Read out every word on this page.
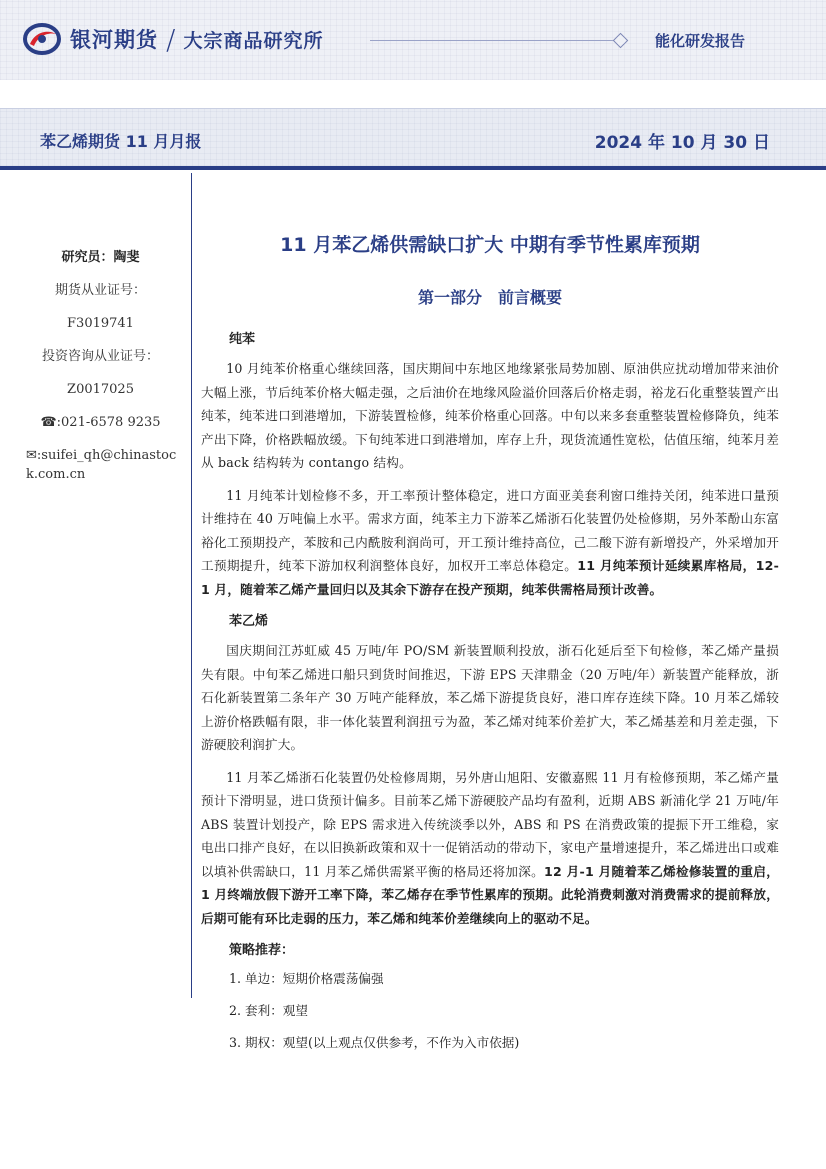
银河期货 / 大宗商品研究所	能化研发报告
苯乙烯期货 11 月月报	2024 年 10 月 30 日
研究员：陶斐
期货从业证号：
F3019741
投资咨询从业证号：
Z0017025
☎:021-6578 9235
✉:suifei_qh@chinastock.com.cn
11 月苯乙烯供需缺口扩大 中期有季节性累库预期
第一部分　前言概要
纯苯

10 月纯苯价格重心继续回落，国庆期间中东地区地缘紧张局势加剧、原油供应扰动增加带来油价大幅上涨，节后纯苯价格大幅走强，之后油价在地缘风险溢价回落后价格走弱，裕龙石化重整装置产出纯苯，纯苯进口到港增加，下游装置检修，纯苯价格重心回落。中旬以来多套重整装置检修降负，纯苯产出下降，价格跌幅放缓。下旬纯苯进口到港增加，库存上升，现货流通性宽松，估值压缩，纯苯月差从 back 结构转为 contango 结构。

11 月纯苯计划检修不多，开工率预计整体稳定，进口方面亚美套利窗口维持关闭，纯苯进口量预计维持在 40 万吨偏上水平。需求方面，纯苯主力下游苯乙烯浙石化装置仍处检修期，另外苯酚山东富裕化工预期投产，苯胺和己内酰胺利润尚可，开工预计维持高位，己二酸下游有新增投产，外采增加开工预期提升，纯苯下游加权利润整体良好，加权开工率总体稳定。11 月纯苯预计延续累库格局，12-1 月，随着苯乙烯产量回归以及其余下游存在投产预期，纯苯供需格局预计改善。

苯乙烯

国庆期间江苏虹威 45 万吨/年 PO/SM 新装置顺利投放，浙石化延后至下旬检修，苯乙烯产量损失有限。中旬苯乙烯进口船只到货时间推迟，下游 EPS 天津鼎金（20 万吨/年）新装置产能释放，浙石化新装置第二条年产 30 万吨产能释放，苯乙烯下游提货良好，港口库存连续下降。10 月苯乙烯较上游价格跌幅有限，非一体化装置利润扭亏为盈，苯乙烯对纯苯价差扩大，苯乙烯基差和月差走强，下游硬胶利润扩大。

11 月苯乙烯浙石化装置仍处检修周期，另外唐山旭阳、安徽嘉熙 11 月有检修预期，苯乙烯产量预计下滑明显，进口货预计偏多。目前苯乙烯下游硬胶产品均有盈利，近期 ABS 新浦化学 21 万吨/年 ABS 装置计划投产，除 EPS 需求进入传统淡季以外，ABS 和 PS 在消费政策的提振下开工维稳，家电出口排产良好，在以旧换新政策和双十一促销活动的带动下，家电产量增速提升，苯乙烯进出口或难以填补供需缺口，11 月苯乙烯供需紧平衡的格局还将加深。12 月-1 月随着苯乙烯检修装置的重启，1 月终端放假下游开工率下降，苯乙烯存在季节性累库的预期。此轮消费刺激对消费需求的提前释放，后期可能有环比走弱的压力，苯乙烯和纯苯价差继续向上的驱动不足。

策略推荐：
1. 单边：短期价格震荡偏强
2. 套利：观望
3. 期权：观望(以上观点仅供参考，不作为入市依据)
